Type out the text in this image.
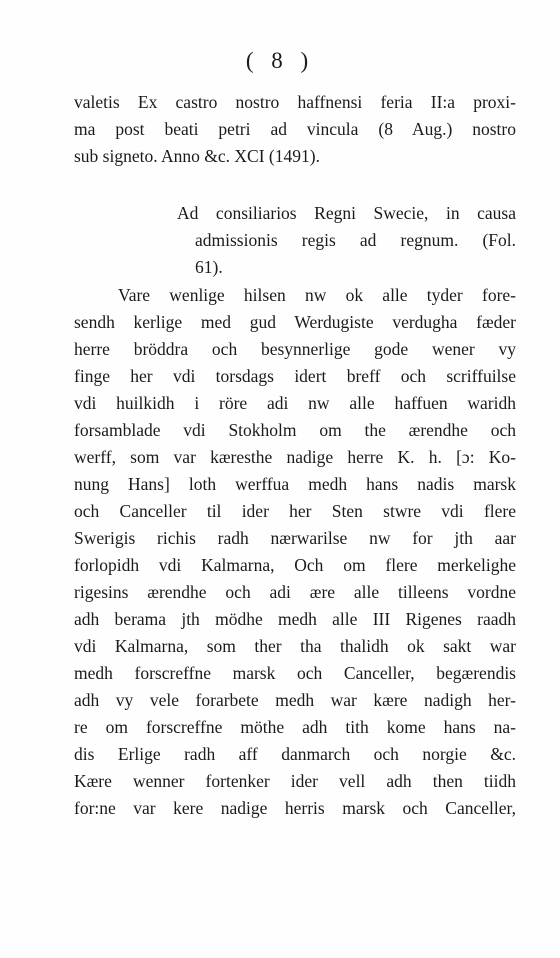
( 8 )

valetis Ex castro nostro haffnensi feria II:a proxi-
ma post beati petri ad vincula (8 Aug.) nostro
sub signeto. Anno &c. XCI (1491).

Ad consiliarios Regni Swecie, in causa
admissionis regis ad regnum. (Fol.
61).

Vare wenlige hilsen nw ok alle tyder fore-
sendh kerlige med gud Werdugiste verdugha fæder
herre bröddra och besynnerlige gode wener vy
finge her vdi torsdags idert breff och scriffuilse
vdi huilkidh i röre adi nw alle haffuen waridh
forsamblade vdi Stokholm om the ærendhe och
werff, som var kæresthe nadige herre K. h. [ɔ: Ko-
nung Hans] loth werffua medh hans nadis marsk
och Canceller til ider her Sten stwre vdi flere
Swerigis richis radh nærwarilse nw for jth aar
forlopidh vdi Kalmarna, Och om flere merkelighe
rigesins ærendhe och adi ære alle tilleens vordne
adh berama jth mödhe medh alle III Rigenes raadh
vdi Kalmarna, som ther tha thalidh ok sakt war
medh forscreffne marsk och Canceller, begærendis
adh vy vele forarbete medh war kære nadigh her-
re om forscreffne möthe adh tith kome hans na-
dis Erlige radh aff danmarch och norgie &c.
Kære wenner fortenker ider vell adh then tiidh
for:ne var kere nadige herris marsk och Canceller,
